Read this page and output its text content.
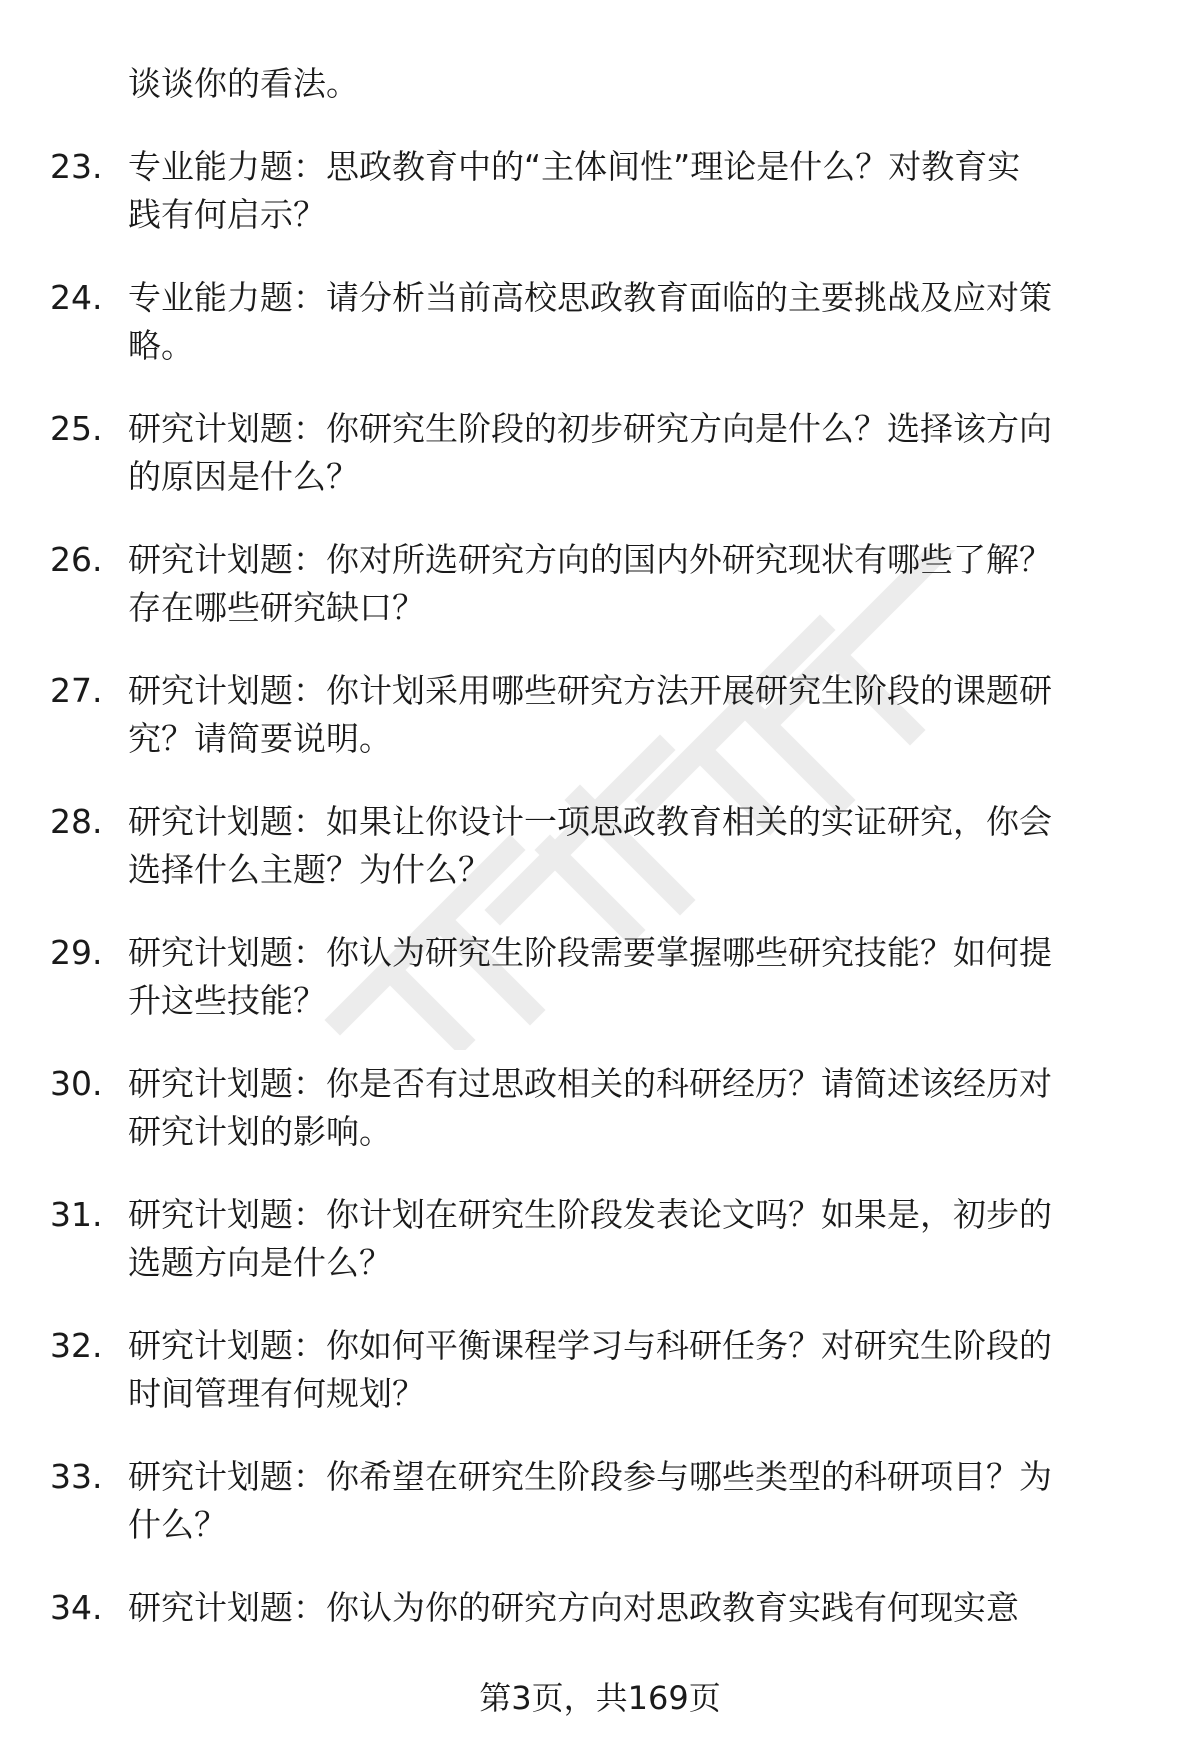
谈谈你的看法。
23. 专业能力题：思政教育中的“主体间性”理论是什么？对教育实
践有何启示？
24. 专业能力题：请分析当前高校思政教育面临的主要挑战及应对策
略。
25. 研究计划题：你研究生阶段的初步研究方向是什么？选择该方向
的原因是什么？
26. 研究计划题：你对所选研究方向的国内外研究现状有哪些了解？
存在哪些研究缺口？
27. 研究计划题：你计划采用哪些研究方法开展研究生阶段的课题研
究？请简要说明。
28. 研究计划题：如果让你设计一项思政教育相关的实证研究，你会
选择什么主题？为什么？
29. 研究计划题：你认为研究生阶段需要掌握哪些研究技能？如何提
升这些技能？
30. 研究计划题：你是否有过思政相关的科研经历？请简述该经历对
研究计划的影响。
31. 研究计划题：你计划在研究生阶段发表论文吗？如果是，初步的
选题方向是什么？
32. 研究计划题：你如何平衡课程学习与科研任务？对研究生阶段的
时间管理有何规划？
33. 研究计划题：你希望在研究生阶段参与哪些类型的科研项目？为
什么？
34. 研究计划题：你认为你的研究方向对思政教育实践有何现实意
第3页，共169页
